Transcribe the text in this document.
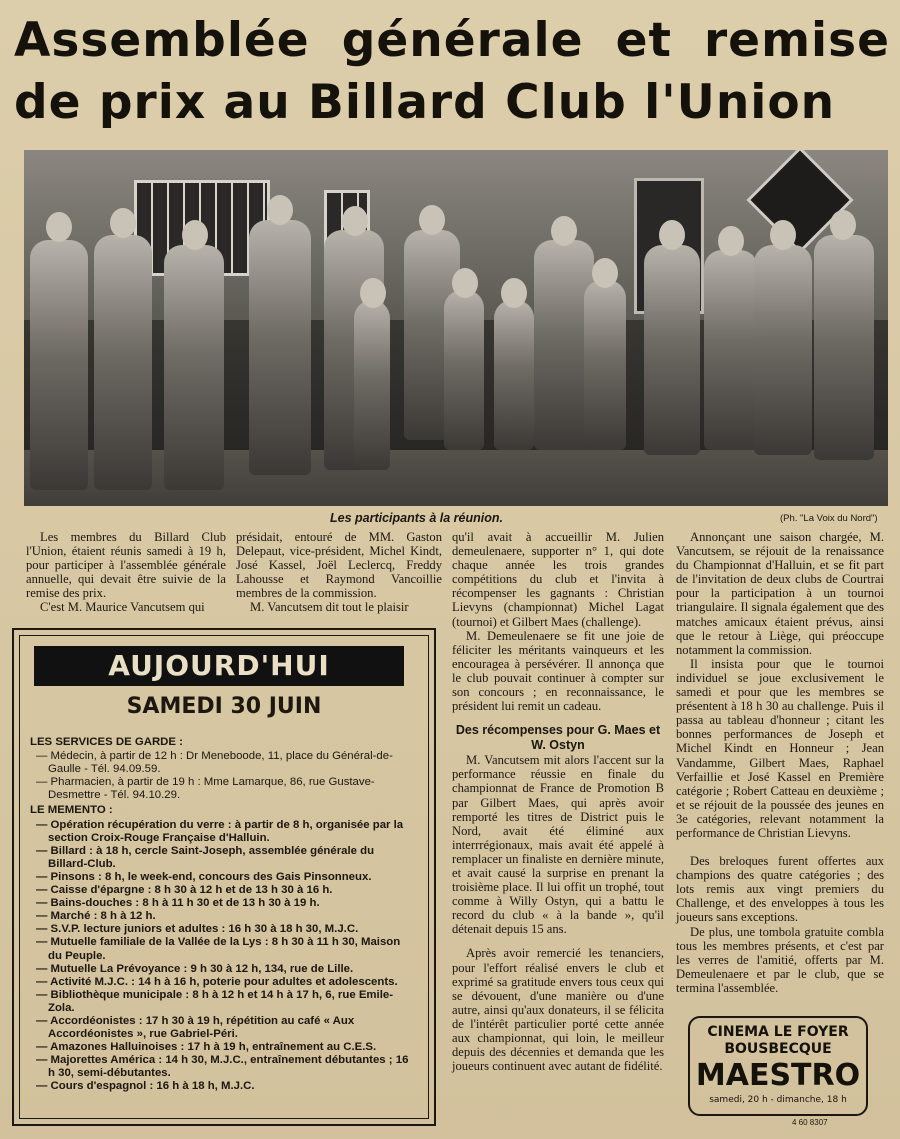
Assemblée générale et remise de prix au Billard Club l'Union

Les participants à la réunion.	(Ph. "La Voix du Nord")

Les membres du Billard Club l'Union, étaient réunis samedi à 19 h, pour participer à l'assemblée générale annuelle, qui devait être suivie de la remise des prix.

C'est M. Maurice Vancutsem qui

présidait, entouré de MM. Gaston Delepaut, vice-président, Michel Kindt, José Kassel, Joël Leclercq, Freddy Lahousse et Raymond Vancoillie membres de la commission.

M. Vancutsem dit tout le plaisir

qu'il avait à accueillir M. Julien demeulenaere, supporter n° 1, qui dote chaque année les trois grandes compétitions du club et l'invita à récompenser les gagnants : Christian Lievyns (championnat) Michel Lagat (tournoi) et Gilbert Maes (challenge).

M. Demeulenaere se fit une joie de féliciter les méritants vainqueurs et les encouragea à persévérer. Il annonça que le club pouvait continuer à compter sur son concours ; en reconnaissance, le président lui remit un cadeau.

Des récompenses pour G. Maes et W. Ostyn

M. Vancutsem mit alors l'accent sur la performance réussie en finale du championnat de France de Promotion B par Gilbert Maes, qui après avoir remporté les titres de District puis le Nord, avait été éliminé aux interrrégionaux, mais avait été appelé à remplacer un finaliste en dernière minute, et avait causé la surprise en prenant la troisième place. Il lui offit un trophé, tout comme à Willy Ostyn, qui a battu le record du club « à la bande », qu'il détenait depuis 15 ans.

Après avoir remercié les tenanciers, pour l'effort réalisé envers le club et exprimé sa gratitude envers tous ceux qui se dévouent, d'une manière ou d'une autre, ainsi qu'aux donateurs, il se félicita de l'intérêt particulier porté cette année aux championnat, qui loin, le meilleur depuis des décennies et demanda que les joueurs continuent avec autant de fidélité.

Annonçant une saison chargée, M. Vancutsem, se réjouit de la renaissance du Championnat d'Halluin, et se fit part de l'invitation de deux clubs de Courtrai pour la participation à un tournoi triangulaire. Il signala également que des matches amicaux étaient prévus, ainsi que le retour à Liège, qui préoccupe notamment la commission.

Il insista pour que le tournoi individuel se joue exclusivement le samedi et pour que les membres se présentent à 18 h 30 au challenge. Puis il passa au tableau d'honneur ; citant les bonnes performances de Joseph et Michel Kindt en Honneur ; Jean Vandamme, Gilbert Maes, Raphael Verfaillie et José Kassel en Première catégorie ; Robert Catteau en deuxième ; et se réjouit de la poussée des jeunes en 3e catégories, relevant notamment la performance de Christian Lievyns.

Des breloques furent offertes aux champions des quatre catégories ; des lots remis aux vingt premiers du Challenge, et des enveloppes à tous les joueurs sans exceptions.

De plus, une tombola gratuite combla tous les membres présents, et c'est par les verres de l'amitié, offerts par M. Demeulenaere et par le club, que se termina l'assemblée.

AUJOURD'HUI
SAMEDI 30 JUIN

LES SERVICES DE GARDE :

— Médecin, à partir de 12 h : Dr Meneboode, 11, place du Général-de-Gaulle - Tél. 94.09.59.

— Pharmacien, à partir de 19 h : Mme Lamarque, 86, rue Gustave-Desmettre - Tél. 94.10.29.

LE MEMENTO :

— Opération récupération du verre : à partir de 8 h, organisée par la section Croix-Rouge Française d'Halluin.

— Billard : à 18 h, cercle Saint-Joseph, assemblée générale du Billard-Club.

— Pinsons : 8 h, le week-end, concours des Gais Pinsonneux.

— Caisse d'épargne : 8 h 30 à 12 h et de 13 h 30 à 16 h.

— Bains-douches : 8 h à 11 h 30 et de 13 h 30 à 19 h.

— Marché : 8 h à 12 h.

— S.V.P. lecture juniors et adultes : 16 h 30 à 18 h 30, M.J.C.

— Mutuelle familiale de la Vallée de la Lys : 8 h 30 à 11 h 30, Maison du Peuple.

— Mutuelle La Prévoyance : 9 h 30 à 12 h, 134, rue de Lille.

— Activité M.J.C. : 14 h à 16 h, poterie pour adultes et adolescents.

— Bibliothèque municipale : 8 h à 12 h et 14 h à 17 h, 6, rue Emile-Zola.

— Accordéonistes : 17 h 30 à 19 h, répétition au café « Aux Accordéonistes », rue Gabriel-Péri.

— Amazones Halluinoises : 17 h à 19 h, entraînement au C.E.S.

— Majorettes América : 14 h 30, M.J.C., entraînement débutantes ; 16 h 30, semi-débutantes.

— Cours d'espagnol : 16 h à 18 h, M.J.C.

CINEMA LE FOYER
BOUSBECQUE
MAESTRO
samedi, 20 h - dimanche, 18 h

4 60 8307
